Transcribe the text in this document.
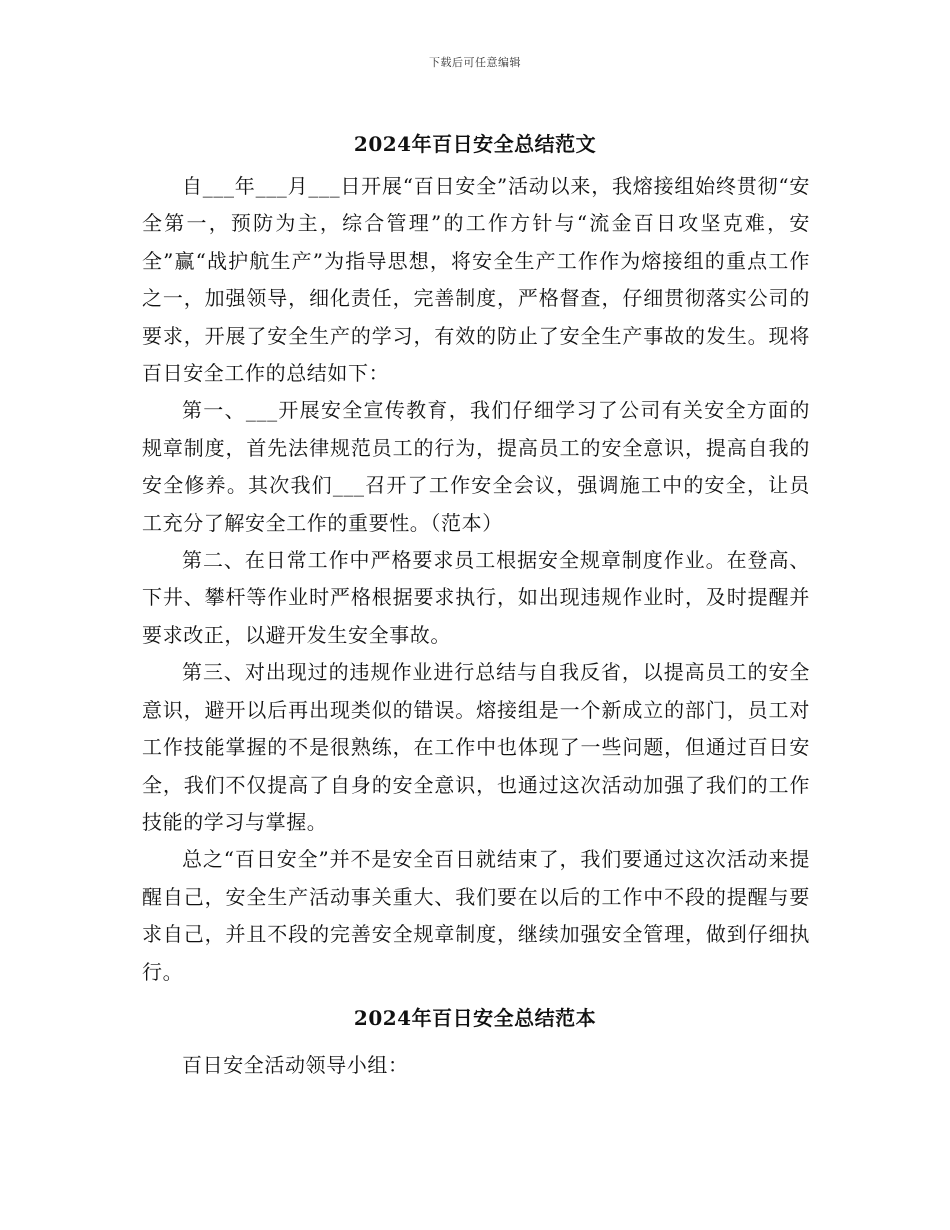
下载后可任意编辑
2024年百日安全总结范文

自___年___月___日开展“百日安全”活动以来，我熔接组始终贯彻“安全第一，预防为主，综合管理”的工作方针与“流金百日攻坚克难，安全”赢“战护航生产”为指导思想，将安全生产工作作为熔接组的重点工作之一，加强领导，细化责任，完善制度，严格督查，仔细贯彻落实公司的要求，开展了安全生产的学习，有效的防止了安全生产事故的发生。现将百日安全工作的总结如下：

第一、___开展安全宣传教育，我们仔细学习了公司有关安全方面的规章制度，首先法律规范员工的行为，提高员工的安全意识，提高自我的安全修养。其次我们___召开了工作安全会议，强调施工中的安全，让员工充分了解安全工作的重要性。（范本）

第二、在日常工作中严格要求员工根据安全规章制度作业。在登高、下井、攀杆等作业时严格根据要求执行，如出现违规作业时，及时提醒并要求改正，以避开发生安全事故。

第三、对出现过的违规作业进行总结与自我反省，以提高员工的安全意识，避开以后再出现类似的错误。熔接组是一个新成立的部门，员工对工作技能掌握的不是很熟练，在工作中也体现了一些问题，但通过百日安全，我们不仅提高了自身的安全意识，也通过这次活动加强了我们的工作技能的学习与掌握。

总之“百日安全”并不是安全百日就结束了，我们要通过这次活动来提醒自己，安全生产活动事关重大、我们要在以后的工作中不段的提醒与要求自己，并且不段的完善安全规章制度，继续加强安全管理，做到仔细执行。

2024年百日安全总结范本

百日安全活动领导小组：
